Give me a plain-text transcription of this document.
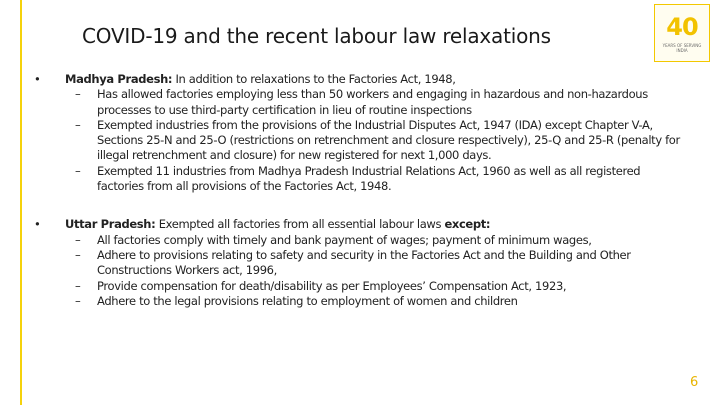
COVID-19 and the recent labour law relaxations	40
YEARS OF SERVING INDIA
• Madhya Pradesh: In addition to relaxations to the Factories Act, 1948,
– Has allowed factories employing less than 50 workers and engaging in hazardous and non-hazardous processes to use third-party certification in lieu of routine inspections
– Exempted industries from the provisions of the Industrial Disputes Act, 1947 (IDA) except Chapter V-A, Sections 25-N and 25-O (restrictions on retrenchment and closure respectively), 25-Q and 25-R (penalty for illegal retrenchment and closure) for new registered for next 1,000 days.
– Exempted 11 industries from Madhya Pradesh Industrial Relations Act, 1960 as well as all registered factories from all provisions of the Factories Act, 1948.
• Uttar Pradesh: Exempted all factories from all essential labour laws except:
– All factories comply with timely and bank payment of wages; payment of minimum wages,
– Adhere to provisions relating to safety and security in the Factories Act and the Building and Other Constructions Workers act, 1996,
– Provide compensation for death/disability as per Employees’ Compensation Act, 1923,
– Adhere to the legal provisions relating to employment of women and children
6
